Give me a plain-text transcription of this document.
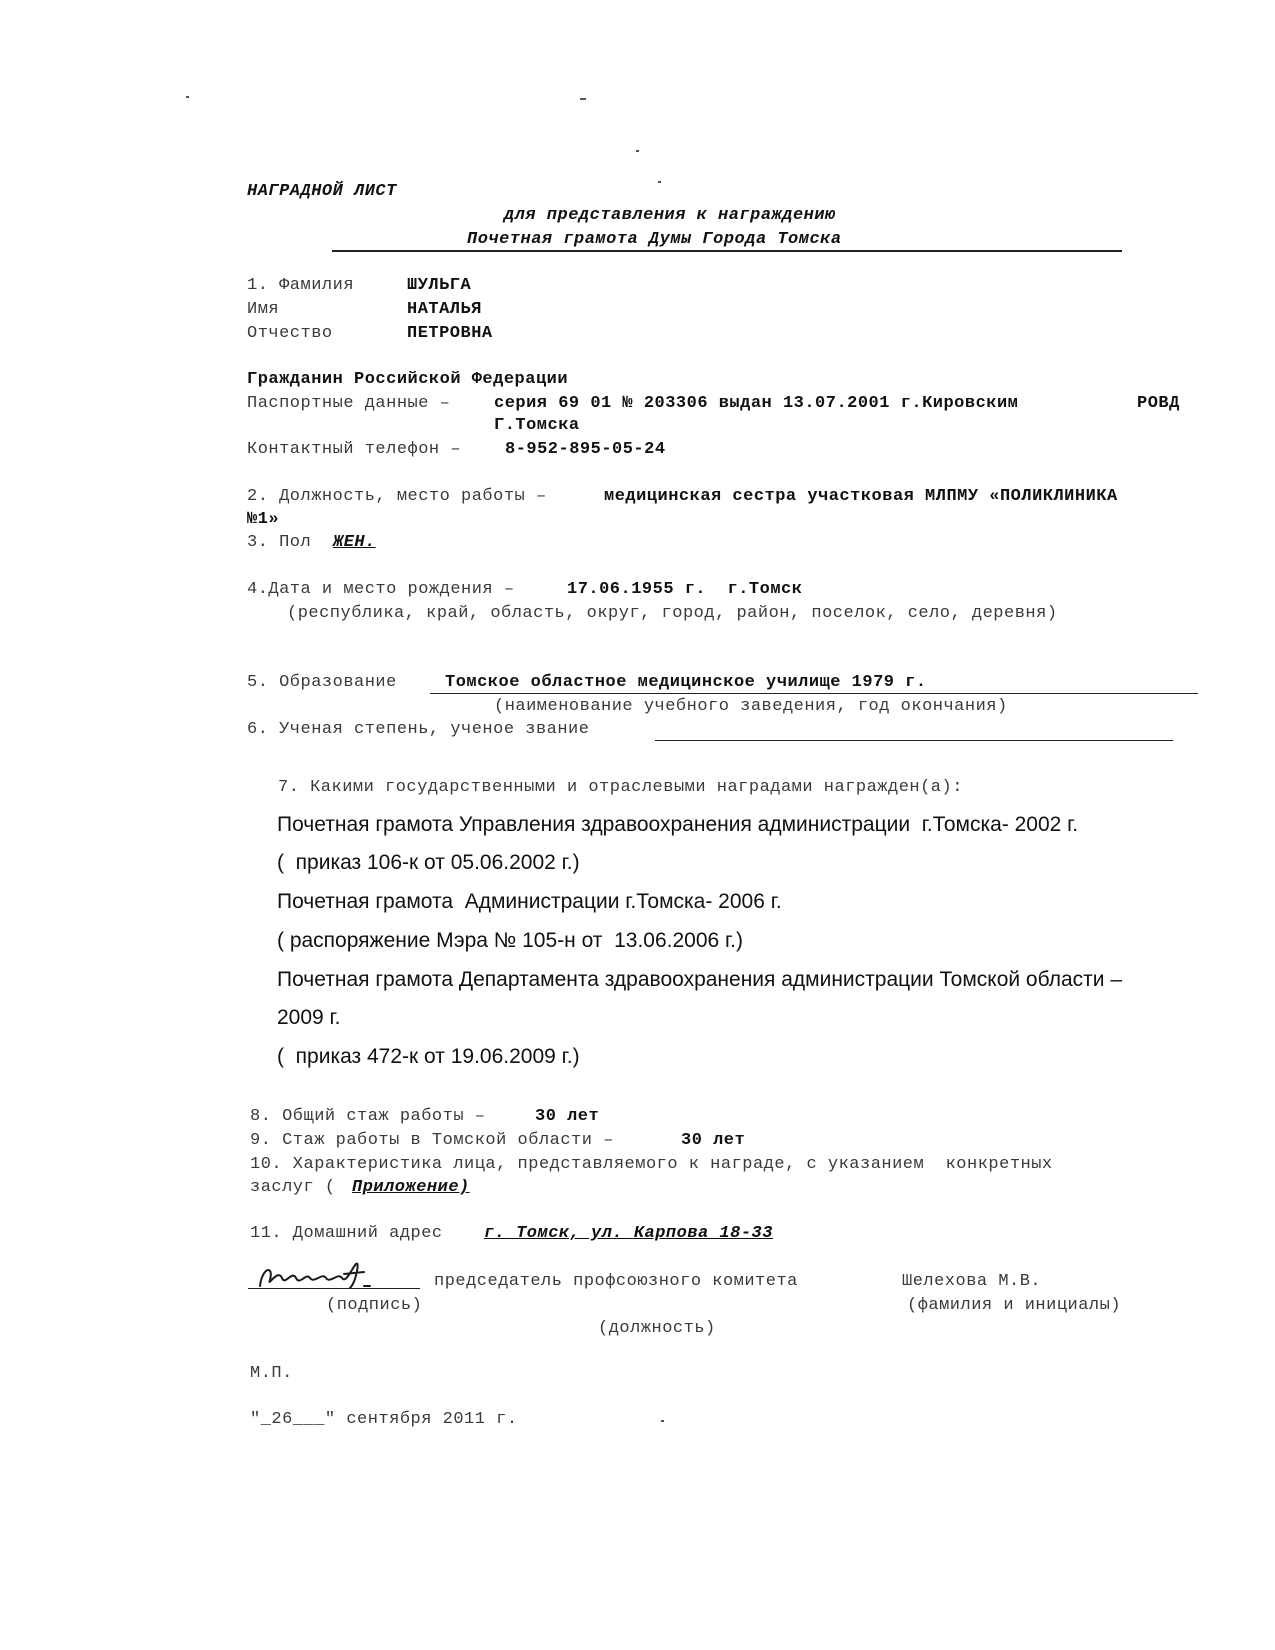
НАГРАДНОЙ ЛИСТ
для представления к награждению
Почетная грамота Думы Города Томска
1. Фамилия	ШУЛЬГА
Имя	НАТАЛЬЯ
Отчество	ПЕТРОВНА
Гражданин Российской Федерации
Паспортные данные –	серия 69 01 № 203306 выдан 13.07.2001 г.Кировским	РОВД
Г.Томска
Контактный телефон –	8-952-895-05-24
2. Должность, место работы –	медицинская сестра участковая МЛПМУ «ПОЛИКЛИНИКА
№1»
3. Пол ЖЕН.
4.Дата и место рождения –	17.06.1955 г.  г.Томск
(республика, край, область, округ, город, район, поселок, село, деревня)
5. Образование	Томское областное медицинское училище 1979 г.
(наименование учебного заведения, год окончания)
6. Ученая степень, ученое звание
7. Какими государственными и отраслевыми наградами награжден(а):
Почетная грамота Управления здравоохранения администрации  г.Томска- 2002 г.
(  приказ 106-к от 05.06.2002 г.)
Почетная грамота  Администрации г.Томска- 2006 г.
( распоряжение Мэра № 105-н от  13.06.2006 г.)
Почетная грамота Департамента здравоохранения администрации Томской области –
2009 г.
(  приказ 472-к от 19.06.2009 г.)
8. Общий стаж работы –	30 лет
9. Стаж работы в Томской области –	30 лет
10. Характеристика лица, представляемого к награде, с указанием  конкретных
заслуг ( Приложение)
11. Домашний адрес г. Томск, ул. Карпова 18-33
председатель профсоюзного комитета	Шелехова М.В.
(подпись)	(фамилия и инициалы)
(должность)
М.П.
"_26___" сентября 2011 г.
